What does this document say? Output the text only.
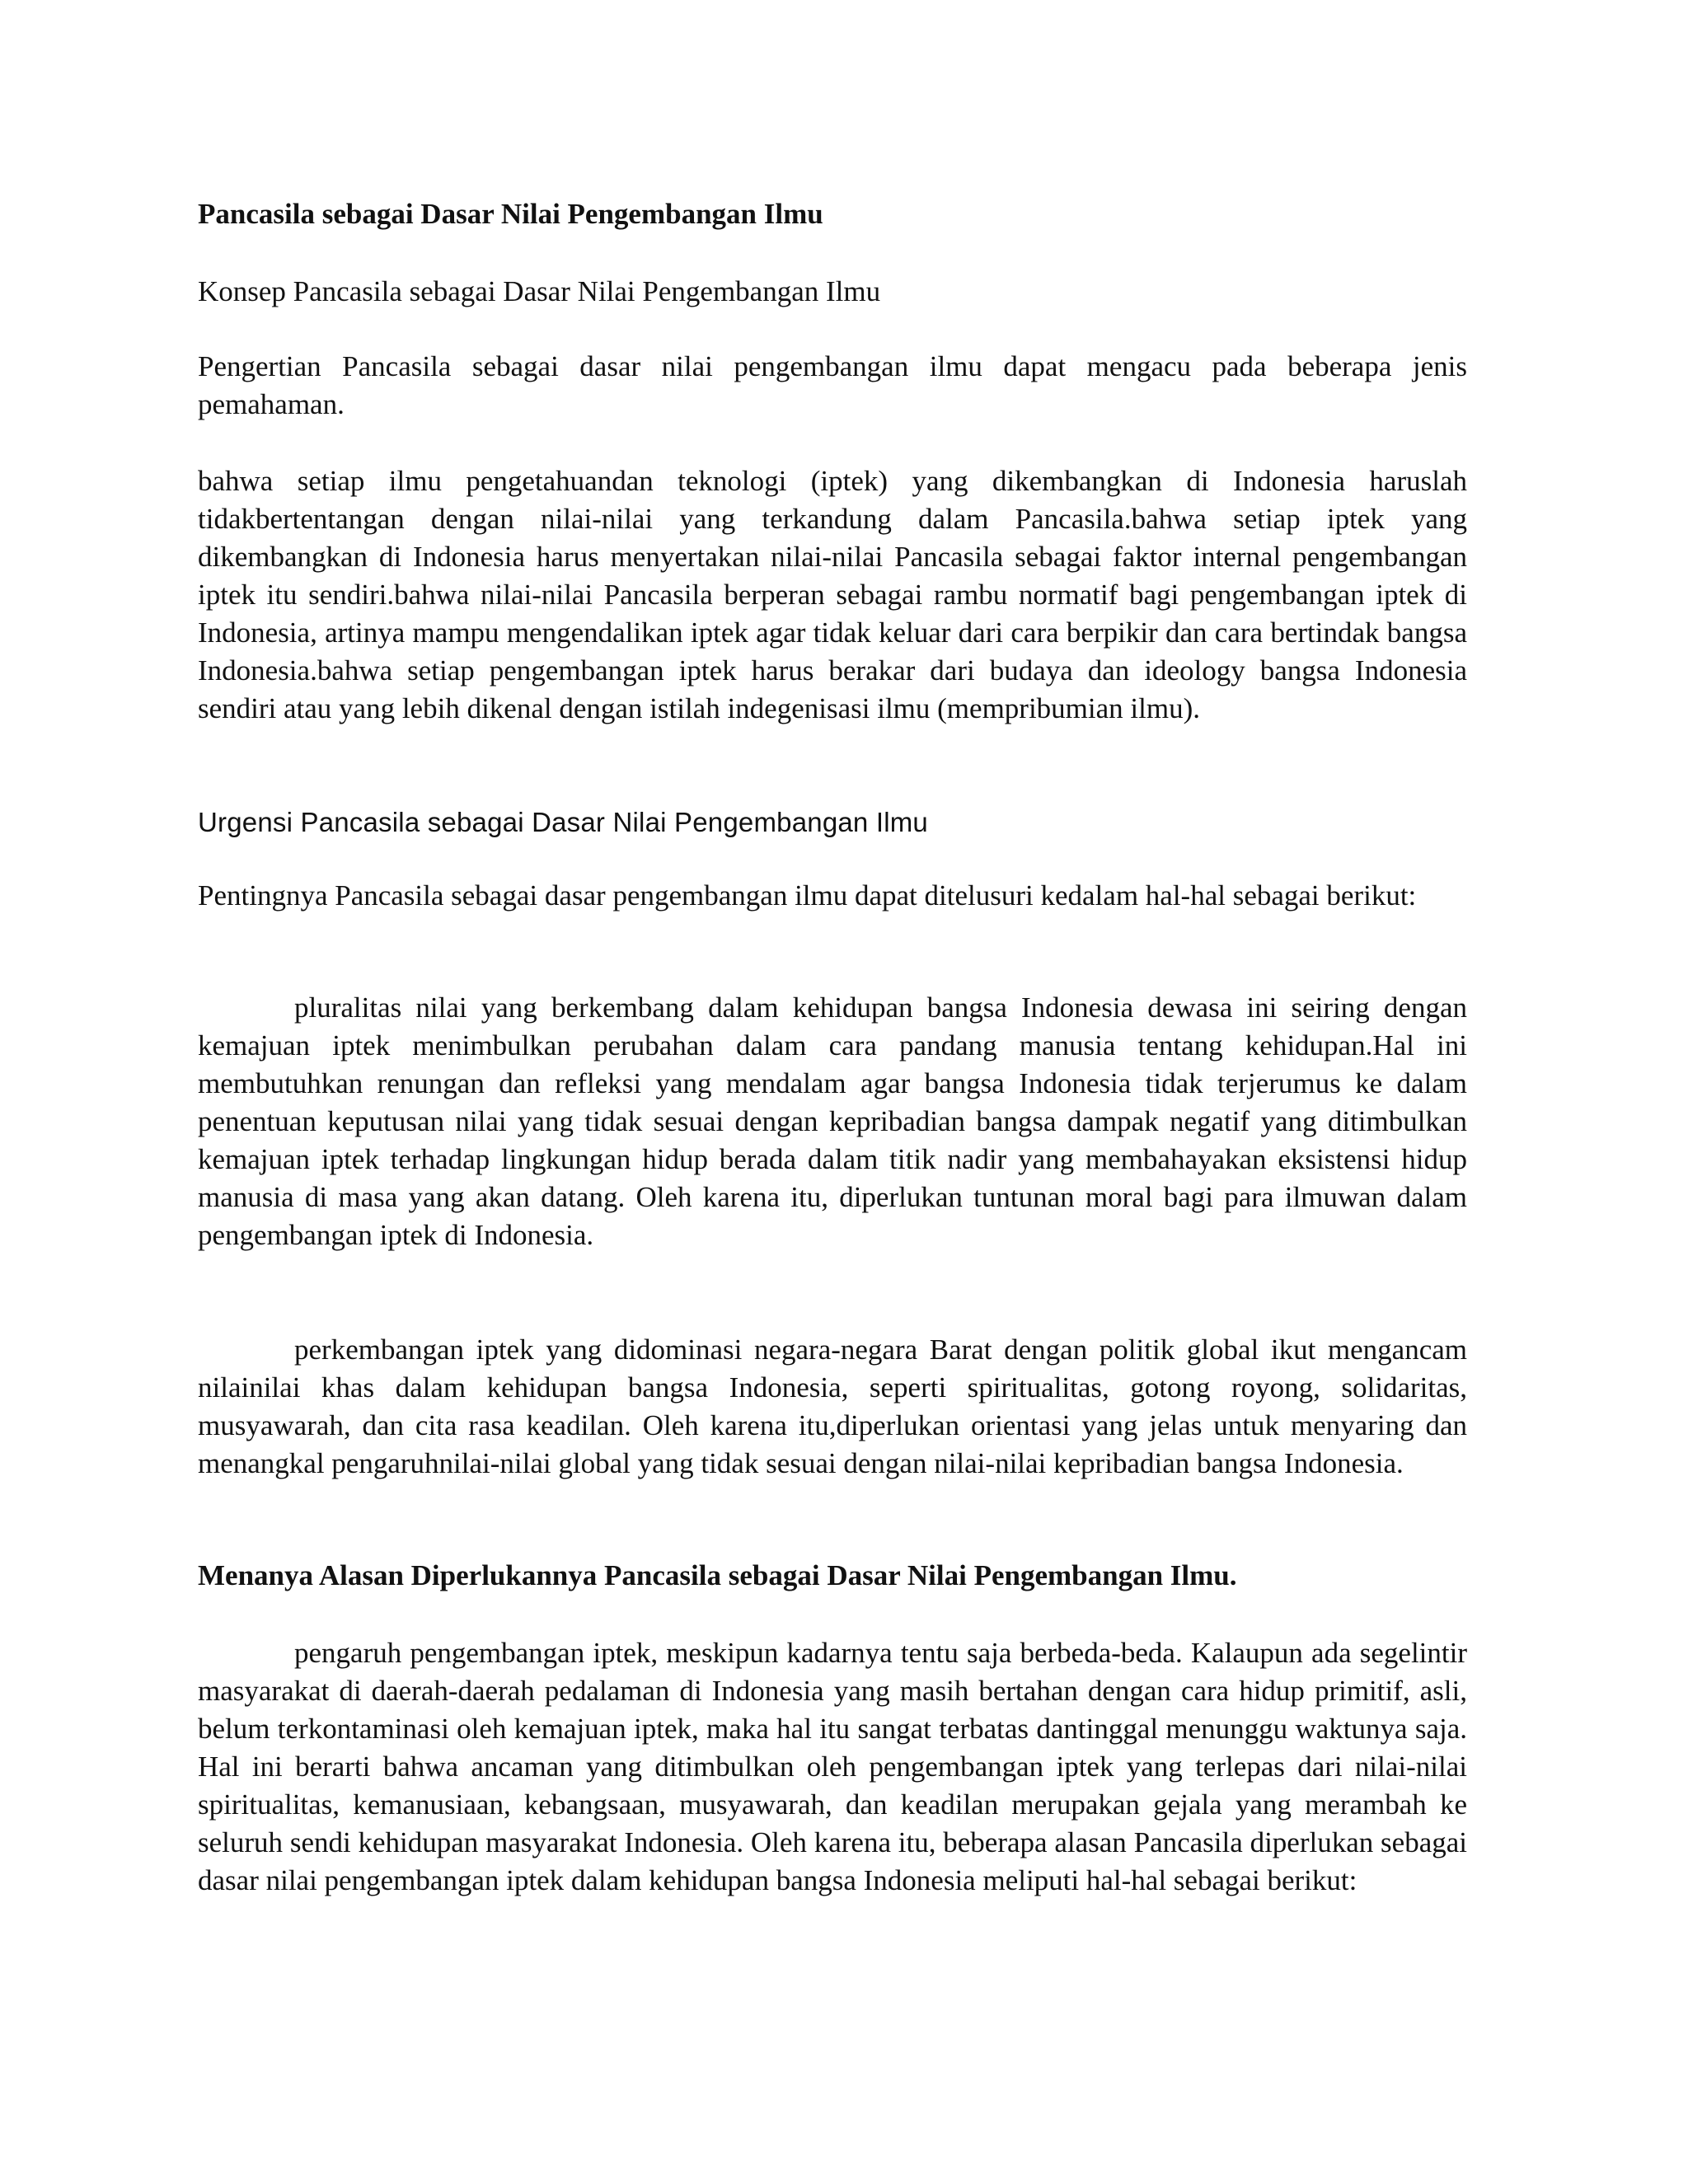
Pancasila sebagai Dasar Nilai Pengembangan Ilmu

Konsep Pancasila sebagai Dasar Nilai Pengembangan Ilmu

Pengertian Pancasila sebagai dasar nilai pengembangan ilmu dapat mengacu pada beberapa jenis pemahaman.

bahwa setiap ilmu pengetahuandan teknologi (iptek) yang dikembangkan di Indonesia haruslah tidakbertentangan dengan nilai-nilai yang terkandung dalam Pancasila.bahwa setiap iptek yang dikembangkan di Indonesia harus menyertakan nilai-nilai Pancasila sebagai faktor internal pengembangan iptek itu sendiri.bahwa nilai-nilai Pancasila berperan sebagai rambu normatif bagi pengembangan iptek di Indonesia, artinya mampu mengendalikan iptek agar tidak keluar dari cara berpikir dan cara bertindak bangsa Indonesia.bahwa setiap pengembangan iptek harus berakar dari budaya dan ideology bangsa Indonesia sendiri atau yang lebih dikenal dengan istilah indegenisasi ilmu (mempribumian ilmu).

Urgensi Pancasila sebagai Dasar Nilai Pengembangan Ilmu

Pentingnya Pancasila sebagai dasar pengembangan ilmu dapat ditelusuri kedalam hal-hal sebagai berikut:

pluralitas nilai yang berkembang dalam kehidupan bangsa Indonesia dewasa ini seiring dengan kemajuan iptek menimbulkan perubahan dalam cara pandang manusia tentang kehidupan.Hal ini membutuhkan renungan dan refleksi yang mendalam agar bangsa Indonesia tidak terjerumus ke dalam penentuan keputusan nilai yang tidak sesuai dengan kepribadian bangsa dampak negatif yang ditimbulkan kemajuan iptek terhadap lingkungan hidup berada dalam titik nadir yang membahayakan eksistensi hidup manusia di masa yang akan datang. Oleh karena itu, diperlukan tuntunan moral bagi para ilmuwan dalam pengembangan iptek di Indonesia.

perkembangan iptek yang didominasi negara-negara Barat dengan politik global ikut mengancam nilainilai khas dalam kehidupan bangsa Indonesia, seperti spiritualitas, gotong royong, solidaritas, musyawarah, dan cita rasa keadilan. Oleh karena itu,diperlukan orientasi yang jelas untuk menyaring dan menangkal pengaruhnilai-nilai global yang tidak sesuai dengan nilai-nilai kepribadian bangsa Indonesia.

Menanya Alasan Diperlukannya Pancasila sebagai Dasar Nilai Pengembangan Ilmu.

pengaruh pengembangan iptek, meskipun kadarnya tentu saja berbeda-beda. Kalaupun ada segelintir masyarakat di daerah-daerah pedalaman di Indonesia yang masih bertahan dengan cara hidup primitif, asli, belum terkontaminasi oleh kemajuan iptek, maka hal itu sangat terbatas dantinggal menunggu waktunya saja. Hal ini berarti bahwa ancaman yang ditimbulkan oleh pengembangan iptek yang terlepas dari nilai-nilai spiritualitas, kemanusiaan, kebangsaan, musyawarah, dan keadilan merupakan gejala yang merambah ke seluruh sendi kehidupan masyarakat Indonesia. Oleh karena itu, beberapa alasan Pancasila diperlukan sebagai dasar nilai pengembangan iptek dalam kehidupan bangsa Indonesia meliputi hal-hal sebagai berikut:
